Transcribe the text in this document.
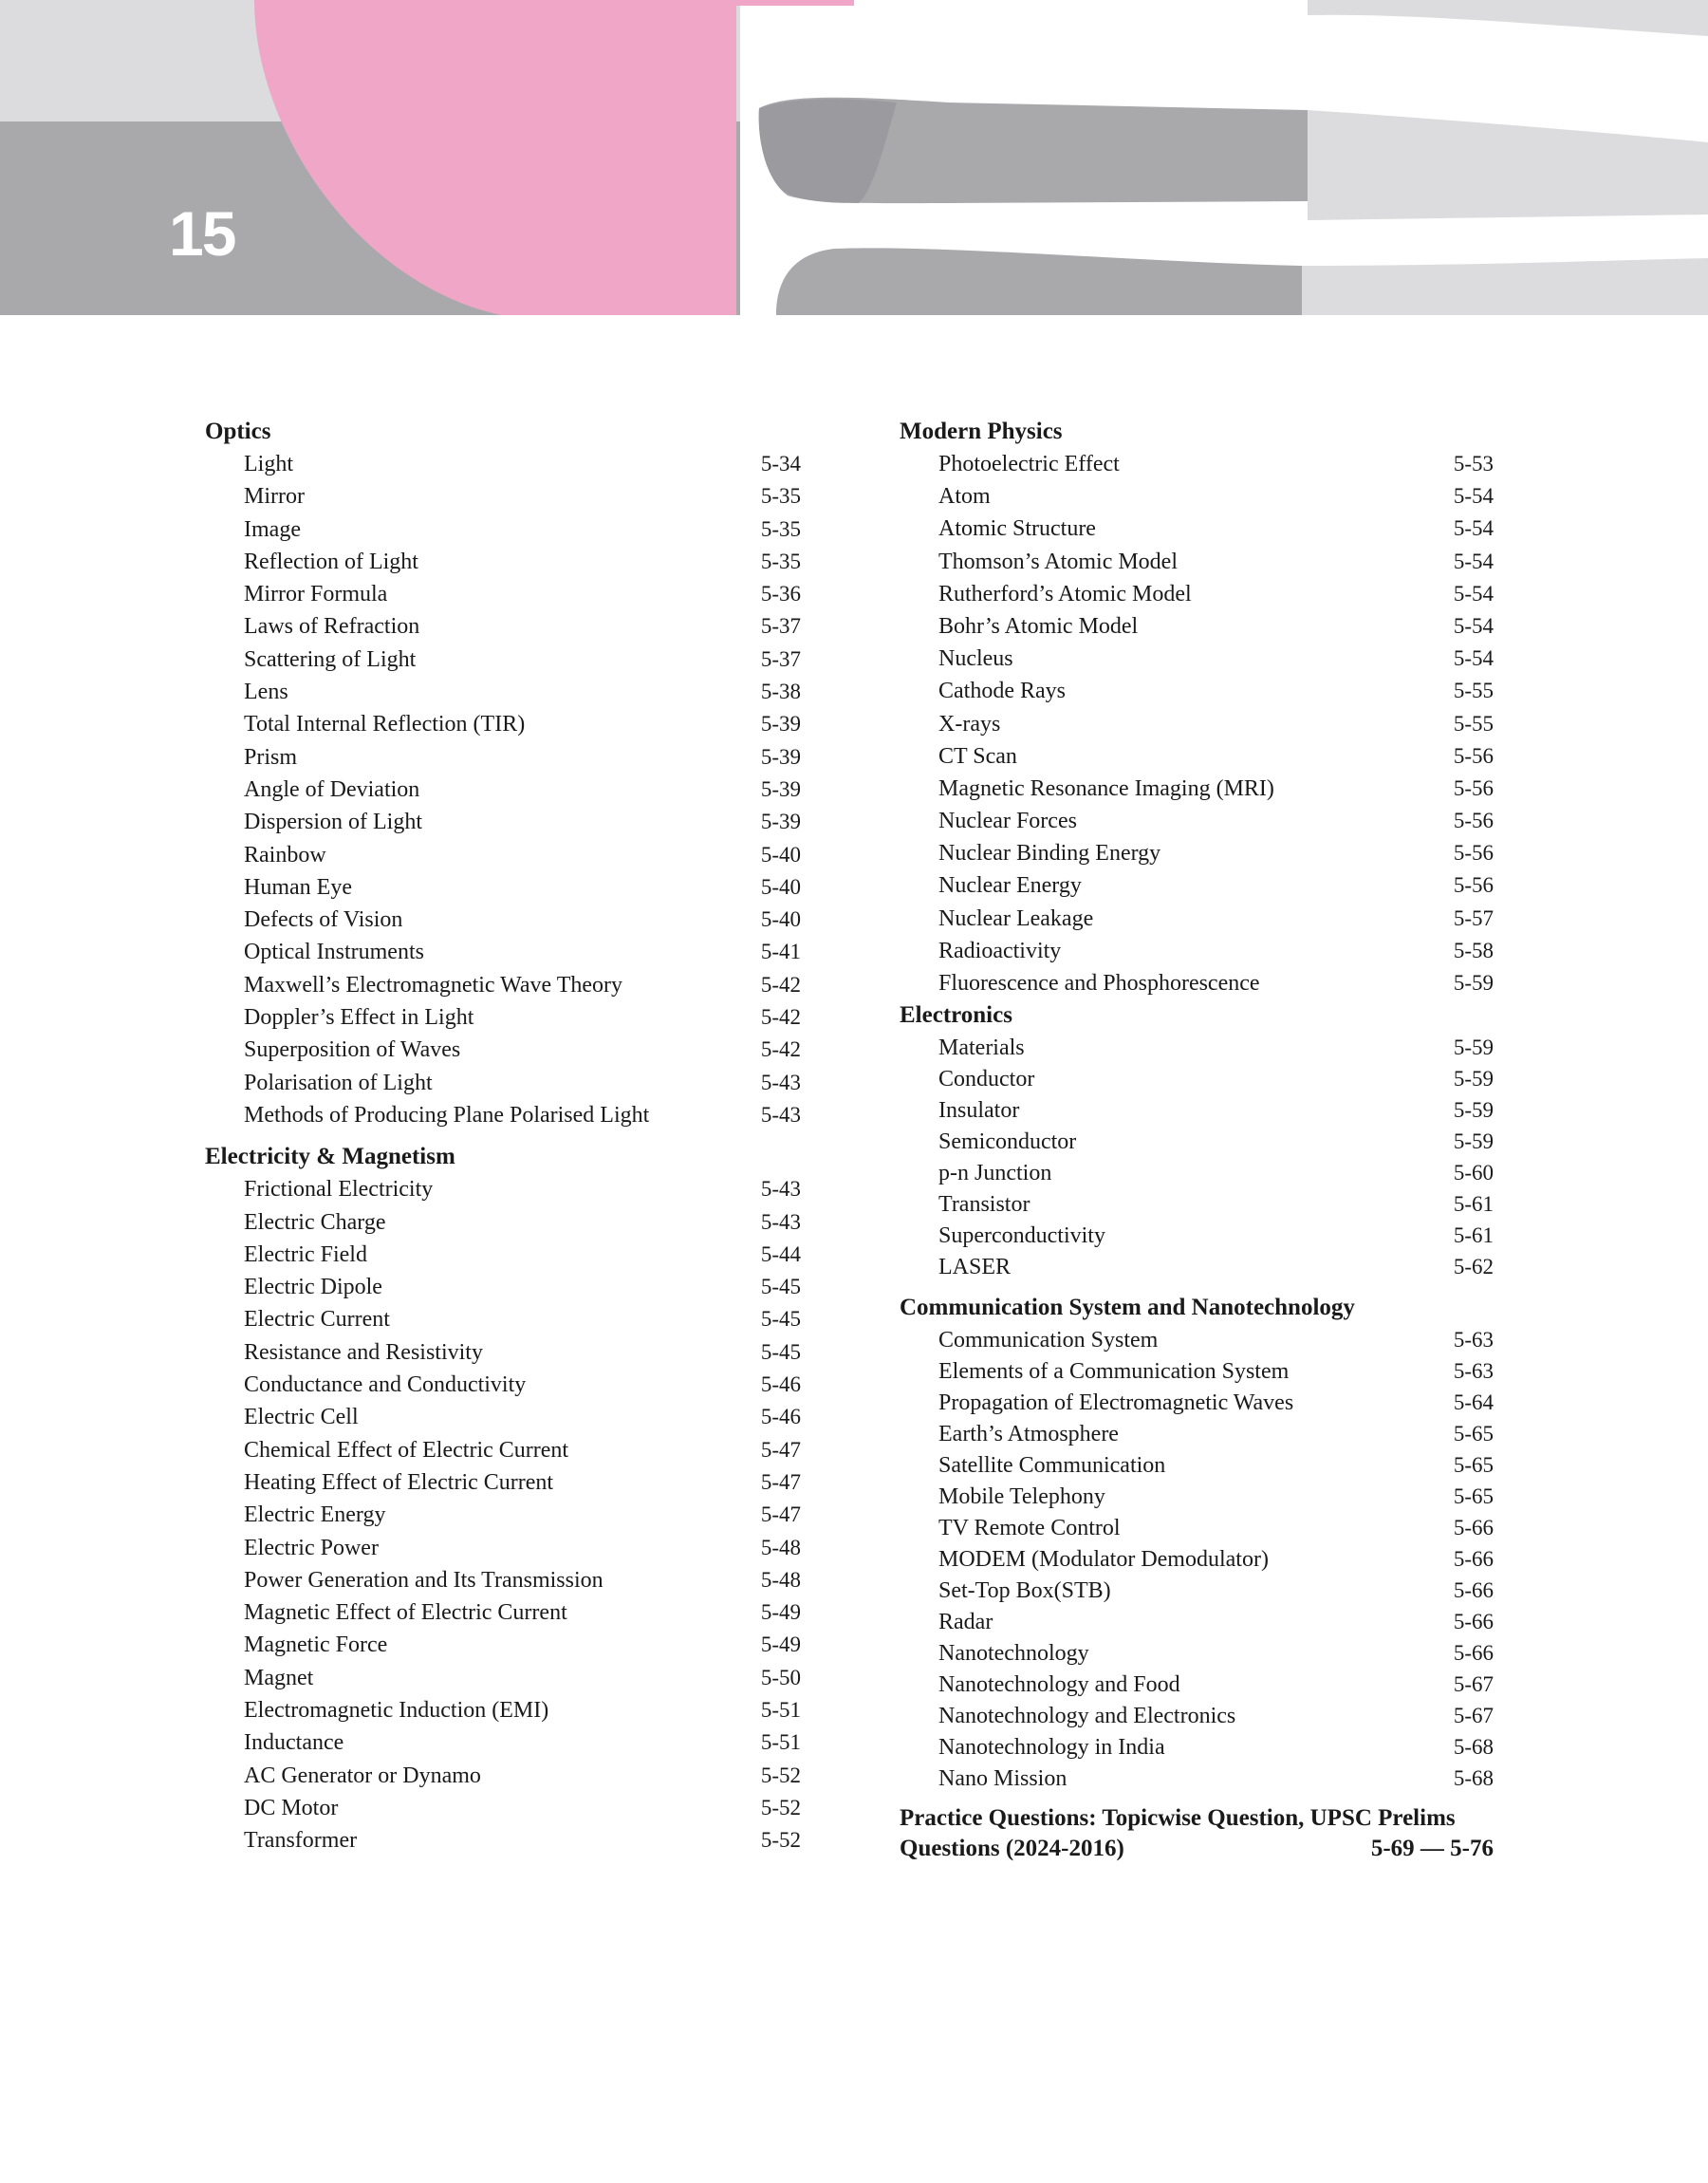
15
Optics
Light	5-34
Mirror	5-35
Image	5-35
Reflection of Light	5-35
Mirror Formula	5-36
Laws of Refraction	5-37
Scattering of Light	5-37
Lens	5-38
Total Internal Reflection (TIR)	5-39
Prism	5-39
Angle of Deviation	5-39
Dispersion of Light	5-39
Rainbow	5-40
Human Eye	5-40
Defects of Vision	5-40
Optical Instruments	5-41
Maxwell’s Electromagnetic Wave Theory	5-42
Doppler’s Effect in Light	5-42
Superposition of Waves	5-42
Polarisation of Light	5-43
Methods of Producing Plane Polarised Light	5-43
Electricity & Magnetism
Frictional Electricity	5-43
Electric Charge	5-43
Electric Field	5-44
Electric Dipole	5-45
Electric Current	5-45
Resistance and Resistivity	5-45
Conductance and Conductivity	5-46
Electric Cell	5-46
Chemical Effect of Electric Current	5-47
Heating Effect of Electric Current	5-47
Electric Energy	5-47
Electric Power	5-48
Power Generation and Its Transmission	5-48
Magnetic Effect of Electric Current	5-49
Magnetic Force	5-49
Magnet	5-50
Electromagnetic Induction (EMI)	5-51
Inductance	5-51
AC Generator or Dynamo	5-52
DC Motor	5-52
Transformer	5-52
Modern Physics
Photoelectric Effect	5-53
Atom	5-54
Atomic Structure	5-54
Thomson’s Atomic Model	5-54
Rutherford’s Atomic Model	5-54
Bohr’s Atomic Model	5-54
Nucleus	5-54
Cathode Rays	5-55
X-rays	5-55
CT Scan	5-56
Magnetic Resonance Imaging (MRI)	5-56
Nuclear Forces	5-56
Nuclear Binding Energy	5-56
Nuclear Energy	5-56
Nuclear Leakage	5-57
Radioactivity	5-58
Fluorescence and Phosphorescence	5-59
Electronics
Materials	5-59
Conductor	5-59
Insulator	5-59
Semiconductor	5-59
p-n Junction	5-60
Transistor	5-61
Superconductivity	5-61
LASER	5-62
Communication System and Nanotechnology
Communication System	5-63
Elements of a Communication System	5-63
Propagation of Electromagnetic Waves	5-64
Earth’s Atmosphere	5-65
Satellite Communication	5-65
Mobile Telephony	5-65
TV Remote Control	5-66
MODEM (Modulator Demodulator)	5-66
Set-Top Box(STB)	5-66
Radar	5-66
Nanotechnology	5-66
Nanotechnology and Food	5-67
Nanotechnology and Electronics	5-67
Nanotechnology in India	5-68
Nano Mission	5-68
Practice Questions: Topicwise Question, UPSC Prelims
Questions (2024-2016)	5-69 — 5-76
